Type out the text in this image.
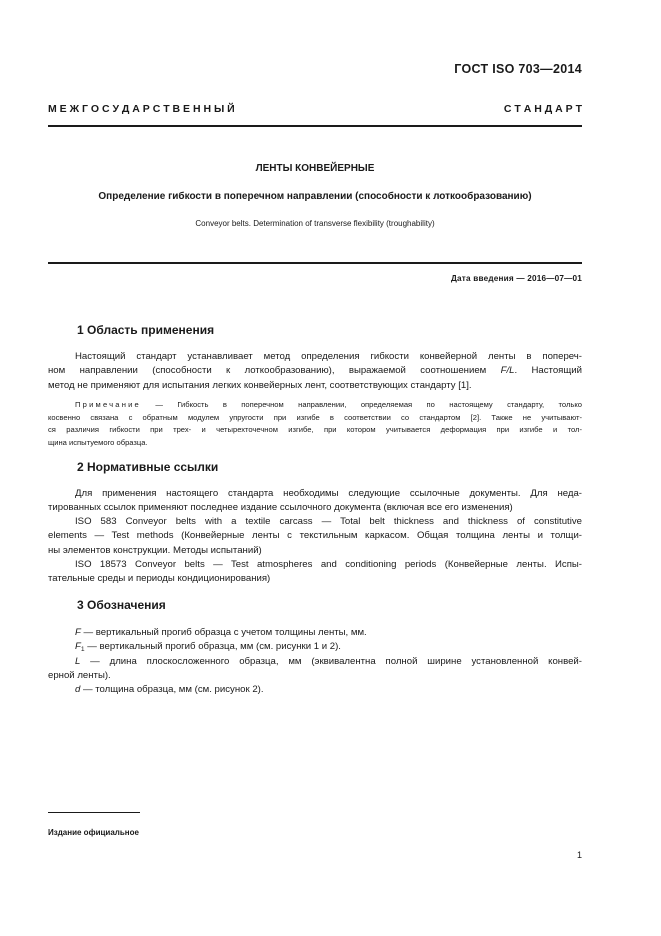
ГОСТ ISO 703—2014
М Е Ж Г О С У Д А Р С Т В Е Н Н Ы Й	С Т А Н Д А Р Т
ЛЕНТЫ КОНВЕЙЕРНЫЕ
Определение гибкости в поперечном направлении (способности к лоткообразованию)
Conveyor belts. Determination of transverse flexibility (troughability)
Дата введения — 2016—07—01
1 Область применения
Настоящий стандарт устанавливает метод определения гибкости конвейерной ленты в попереч-
ном направлении (способности к лоткообразованию), выражаемой соотношением F/L. Настоящий
метод не применяют для испытания легких конвейерных лент, соответствующих стандарту [1].
Примечание — Гибкость в поперечном направлении, определяемая по настоящему стандарту, только
косвенно связана с обратным модулем упругости при изгибе в соответствии со стандартом [2]. Также не учитывают-
ся различия гибкости при трех- и четырехточечном изгибе, при котором учитывается деформация при изгибе и тол-
щина испытуемого образца.
2 Нормативные ссылки
Для применения настоящего стандарта необходимы следующие ссылочные документы. Для неда-
тированных ссылок применяют последнее издание ссылочного документа (включая все его изменения)
ISO 583 Conveyor belts with a textile carcass — Total belt thickness and thickness of constitutive
elements — Test methods (Конвейерные ленты с текстильным каркасом. Общая толщина ленты и толщи-
ны элементов конструкции. Методы испытаний)
ISO 18573 Conveyor belts — Test atmospheres and conditioning periods (Конвейерные ленты. Испы-
тательные среды и периоды кондиционирования)
3 Обозначения
F — вертикальный прогиб образца с учетом толщины ленты, мм.
$F_1$ — вертикальный прогиб образца, мм (см. рисунки 1 и 2).
L — длина плоскосложенного образца, мм (эквивалентна полной ширине установленной конвей-
ерной ленты).
d — толщина образца, мм (см. рисунок 2).
Издание официальное
1
